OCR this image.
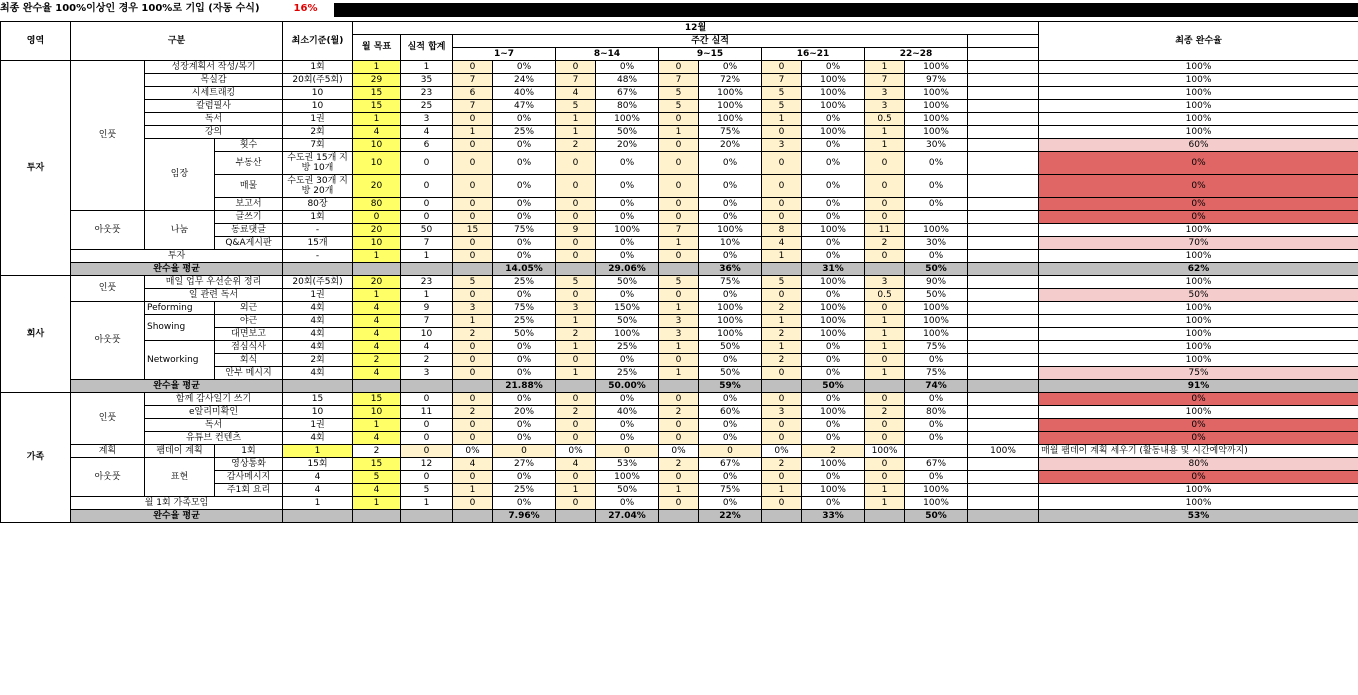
최종 완수율 100%이상인 경우 100%로 기입 (자동 수식)	16%
영역	구분			최소기준(월)	12월													최종 완수율	
					월 목표	실적 합계	주간 실적												
							1~7		8~14		9~15		16~21		22~28				
투자	인풋	성장계획서 작성/복기		1회	1	1	0	0%	0	0%	0	0%	0	0%	1	100%		100%	
		목실감		20회(주5회)	29	35	7	24%	7	48%	7	72%	7	100%	7	97%		100%	
		시세트래킹		10	15	23	6	40%	4	67%	5	100%	5	100%	3	100%		100%	
		칼럼필사		10	15	25	7	47%	5	80%	5	100%	5	100%	3	100%		100%	
		독서		1권	1	3	0	0%	1	100%	0	100%	1	0%	0.5	100%		100%	
		강의		2회	4	4	1	25%	1	50%	1	75%	0	100%	1	100%		100%	
		임장	횟수	7회	10	6	0	0%	2	20%	0	20%	3	0%	1	30%		60%	
			부동산	수도권 15개 지방 10개	10	0	0	0%	0	0%	0	0%	0	0%	0	0%		0%	
			매물	수도권 30개 지방 20개	20	0	0	0%	0	0%	0	0%	0	0%	0	0%		0%	
			보고서	80장	80	0	0	0%	0	0%	0	0%	0	0%	0	0%		0%	
	아웃풋	나눔	글쓰기	1회	0	0	0	0%	0	0%	0	0%	0	0%	0			0%	
			동료댓글	-	20	50	15	75%	9	100%	7	100%	8	100%	11	100%		100%	
			Q&A게시판	15개	10	7	0	0%	0	0%	1	10%	4	0%	2	30%		70%	
	투자			-	1	1	0	0%	0	0%	0	0%	1	0%	0	0%		100%	
	완수율 평균							14.05%		29.06%		36%		31%		50%		62%	
회사	인풋	매일 업무 우선순위 정리		20회(주5회)	20	23	5	25%	5	50%	5	75%	5	100%	3	90%		100%	
		일 관련 독서		1권	1	1	0	0%	0	0%	0	0%	0	0%	0.5	50%		50%	
	아웃풋	Peforming	외근	4회	4	9	3	75%	3	150%	1	100%	2	100%	0	100%		100%	
		Showing	야근	4회	4	7	1	25%	1	50%	3	100%	1	100%	1	100%		100%	
			대면보고	4회	4	10	2	50%	2	100%	3	100%	2	100%	1	100%		100%	
		Networking	점심식사	4회	4	4	0	0%	1	25%	1	50%	1	0%	1	75%		100%	
			회식	2회	2	2	0	0%	0	0%	0	0%	2	0%	0	0%		100%	
			안부 메시지	4회	4	3	0	0%	1	25%	1	50%	0	0%	1	75%		75%	
	완수율 평균							21.88%		50.00%		59%		50%		74%		91%	
가족	인풋	함께 감사일기 쓰기		15	15	0	0	0%	0	0%	0	0%	0	0%	0	0%		0%	
		e알리미확인		10	10	11	2	20%	2	40%	2	60%	3	100%	2	80%		100%	
		독서		1권	1	0	0	0%	0	0%	0	0%	0	0%	0	0%		0%	
		유튜브 컨텐츠		4회	4	0	0	0%	0	0%	0	0%	0	0%	0	0%		0%	
	계획	팸데이 계획	1회	1	2	0	0%	0	0%	0	0%	0	0%	2	100%		100%	매월 팸데이 계획 세우기 (활동내용 및 시간예약까지)	
	아웃풋	표현	영상통화	15회	15	12	4	27%	4	53%	2	67%	2	100%	0	67%		80%	
			감사메시지	4	5	0	0	0%	0	100%	0	0%	0	0%	0	0%		0%	
			주1회 요리	4	4	5	1	25%	1	50%	1	75%	1	100%	1	100%		100%	
	월 1회 가족모임			1	1	1	0	0%	0	0%	0	0%	0	0%	1	100%		100%	
	완수율 평균							7.96%		27.04%		22%		33%		50%		53%	
